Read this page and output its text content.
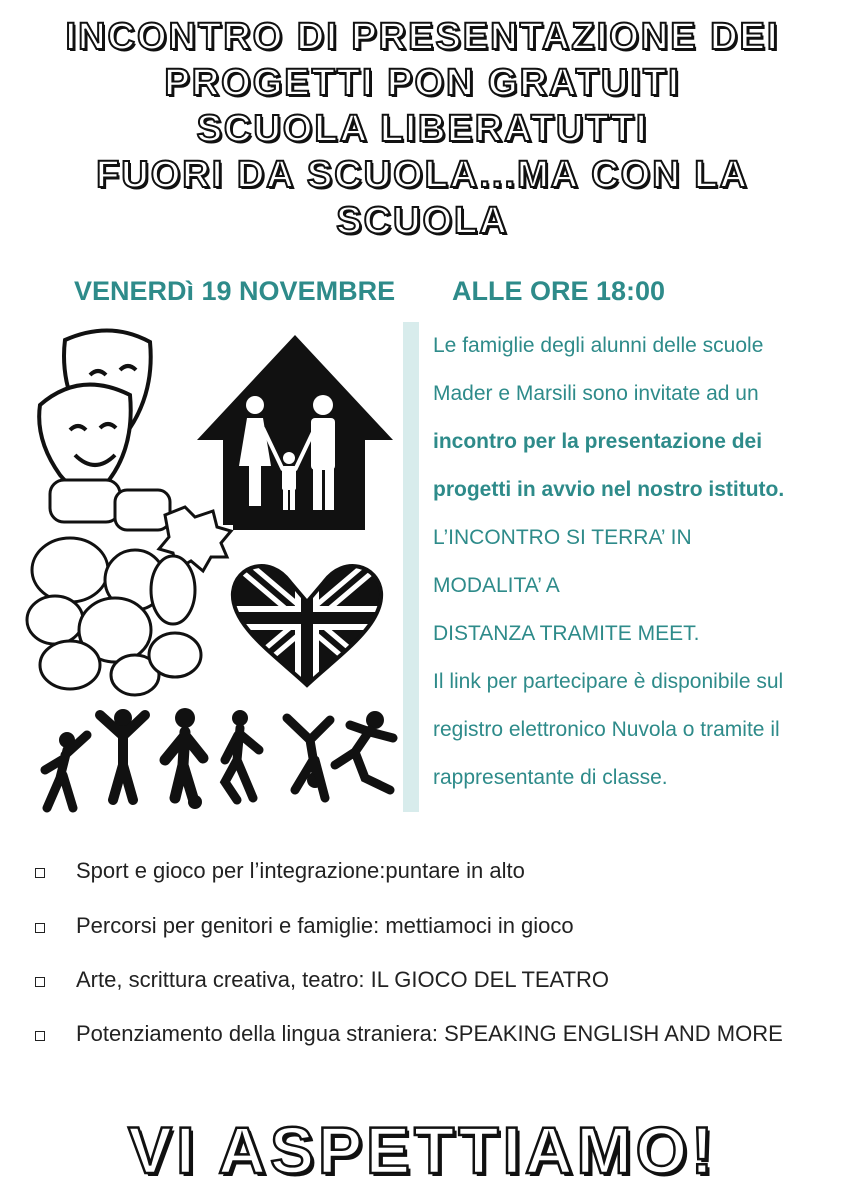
INCONTRO DI PRESENTAZIONE DEI
PROGETTI PON GRATUITI
SCUOLA LIBERATUTTI
FUORI DA SCUOLA...MA CON LA
SCUOLA
VENERDì 19 NOVEMBRE ALLE ORE 18:00
Le famiglie degli alunni delle scuole
Mader e Marsili sono invitate ad un
incontro per la presentazione dei
progetti in avvio nel nostro istituto.
L’INCONTRO SI TERRA’ IN
MODALITA’ A
DISTANZA TRAMITE MEET.
Il link per partecipare è disponibile sul
registro elettronico Nuvola o tramite il
rappresentante di classe.
Sport e gioco per l’integrazione:puntare in alto
Percorsi per genitori e famiglie: mettiamoci in gioco
Arte, scrittura creativa, teatro: IL GIOCO DEL TEATRO
Potenziamento della lingua straniera: SPEAKING ENGLISH AND MORE
VI ASPETTIAMO!
